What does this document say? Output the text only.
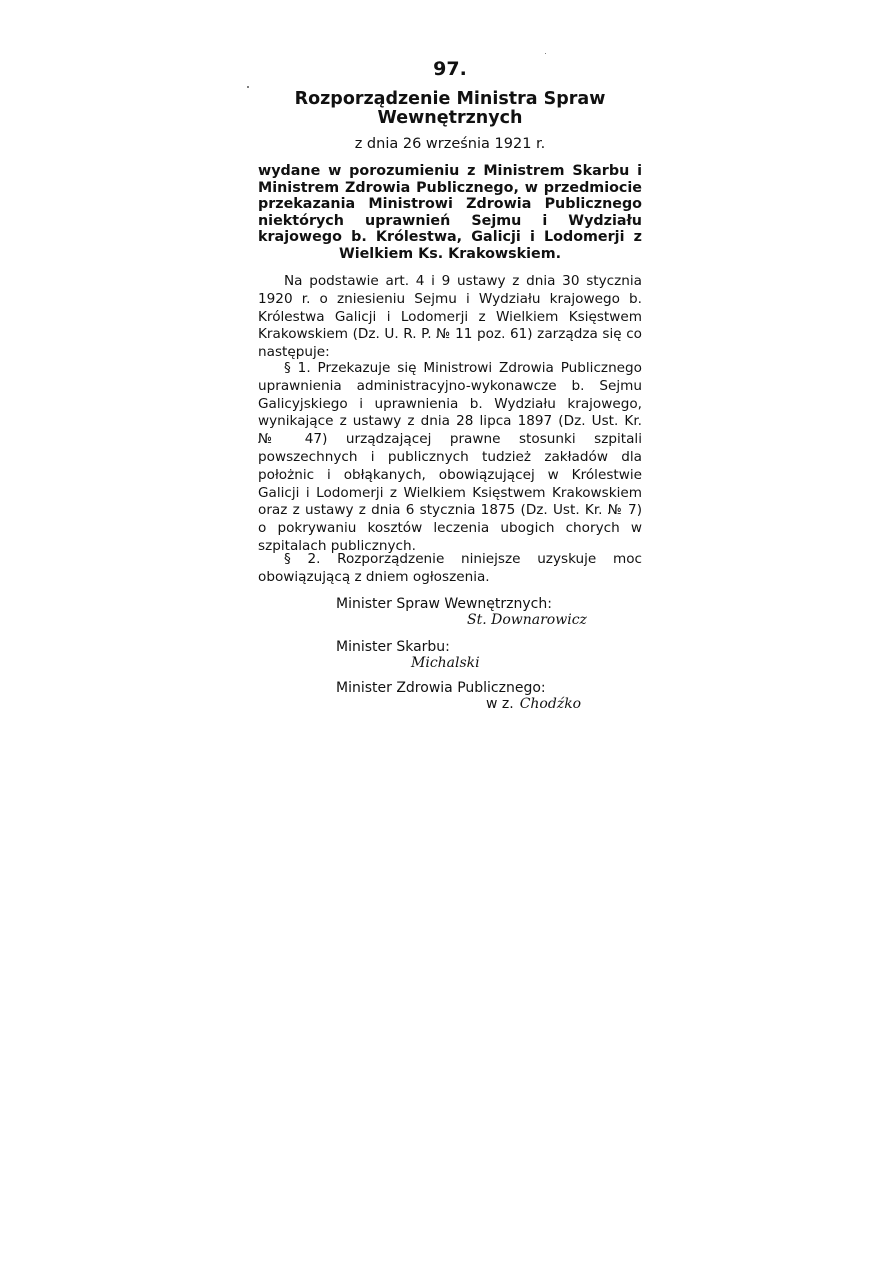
97.
Rozporządzenie Ministra Spraw
Wewnętrznych
z dnia 26 września 1921 r.
wydane w porozumieniu z Ministrem Skarbu i Ministrem Zdrowia Publicznego, w przedmiocie przekazania Ministrowi Zdrowia Publicznego niektórych uprawnień Sejmu i Wydziału krajowego b. Królestwa, Galicji i Lodomerji z Wielkiem Ks. Krakowskiem.
Na podstawie art. 4 i 9 ustawy z dnia 30 stycznia 1920 r. o zniesieniu Sejmu i Wydziału krajowego b. Królestwa Galicji i Lodomerji z Wielkiem Księstwem Krakowskiem (Dz. U. R. P. № 11 poz. 61) zarządza się co następuje:
§ 1. Przekazuje się Ministrowi Zdrowia Publicznego uprawnienia administracyjno-wykonawcze b. Sejmu Galicyjskiego i uprawnienia b. Wydziału krajowego, wynikające z ustawy z dnia 28 lipca 1897 (Dz. Ust. Kr. № 47) urządzającej prawne stosunki szpitali powszechnych i publicznych tudzież zakładów dla położnic i obłąkanych, obowiązującej w Królestwie Galicji i Lodomerji z Wielkiem Księstwem Krakowskiem oraz z ustawy z dnia 6 stycznia 1875 (Dz. Ust. Kr. № 7) o pokrywaniu kosztów leczenia ubogich chorych w szpitalach publicznych.
§ 2. Rozporządzenie niniejsze uzyskuje moc obowiązującą z dniem ogłoszenia.
Minister Spraw Wewnętrznych:
St. Downarowicz
Minister Skarbu:
Michalski
Minister Zdrowia Publicznego:
w z. Chodźko
